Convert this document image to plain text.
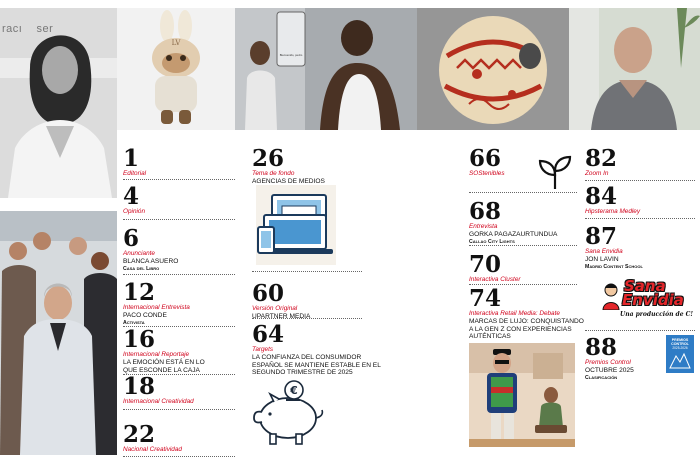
racı    ser
LV
Bienvenido, pedro
1
Editorial
4
Opinión
6
Anunciante
BLANCA ASUERO
Casa del Libro
12
Internacional Entrevista
PACO CONDE
Activista
16
Internacional Reportaje
LA EMOCIÓN ESTÁ EN LO
QUE ESCONDE LA CAJA
18
Internacional Creatividad
22
Nacional Creatividad
26
Tema de fondo
AGENCIAS DE MEDIOS
60
Versión Original
UPARTNER MEDIA
64
Targets
LA CONFIANZA DEL CONSUMIDOR
ESPAÑOL SE MANTIENE ESTABLE EN EL
SEGUNDO TRIMESTRE DE 2025
€
66
SOStenibles
68
Entrevista
GORKA PAGAZAURTUNDUA
Callao City Lights
70
Interactiva Cluster
74
Interactiva Retail Media: Debate
MARCAS DE LUJO: CONQUISTANDO
A LA GEN Z CON EXPERIENCIAS
AUTÉNTICAS
82
Zoom In
84
Hipsterama Medley
87
Sana Envidia
JON LAVIN
Madrid Content School
Sana
Envidia
Una producción de C!
88
Premios Control
OCTUBRE 2025
Clasificación
PREMIOS
CONTROL
2025-2026
